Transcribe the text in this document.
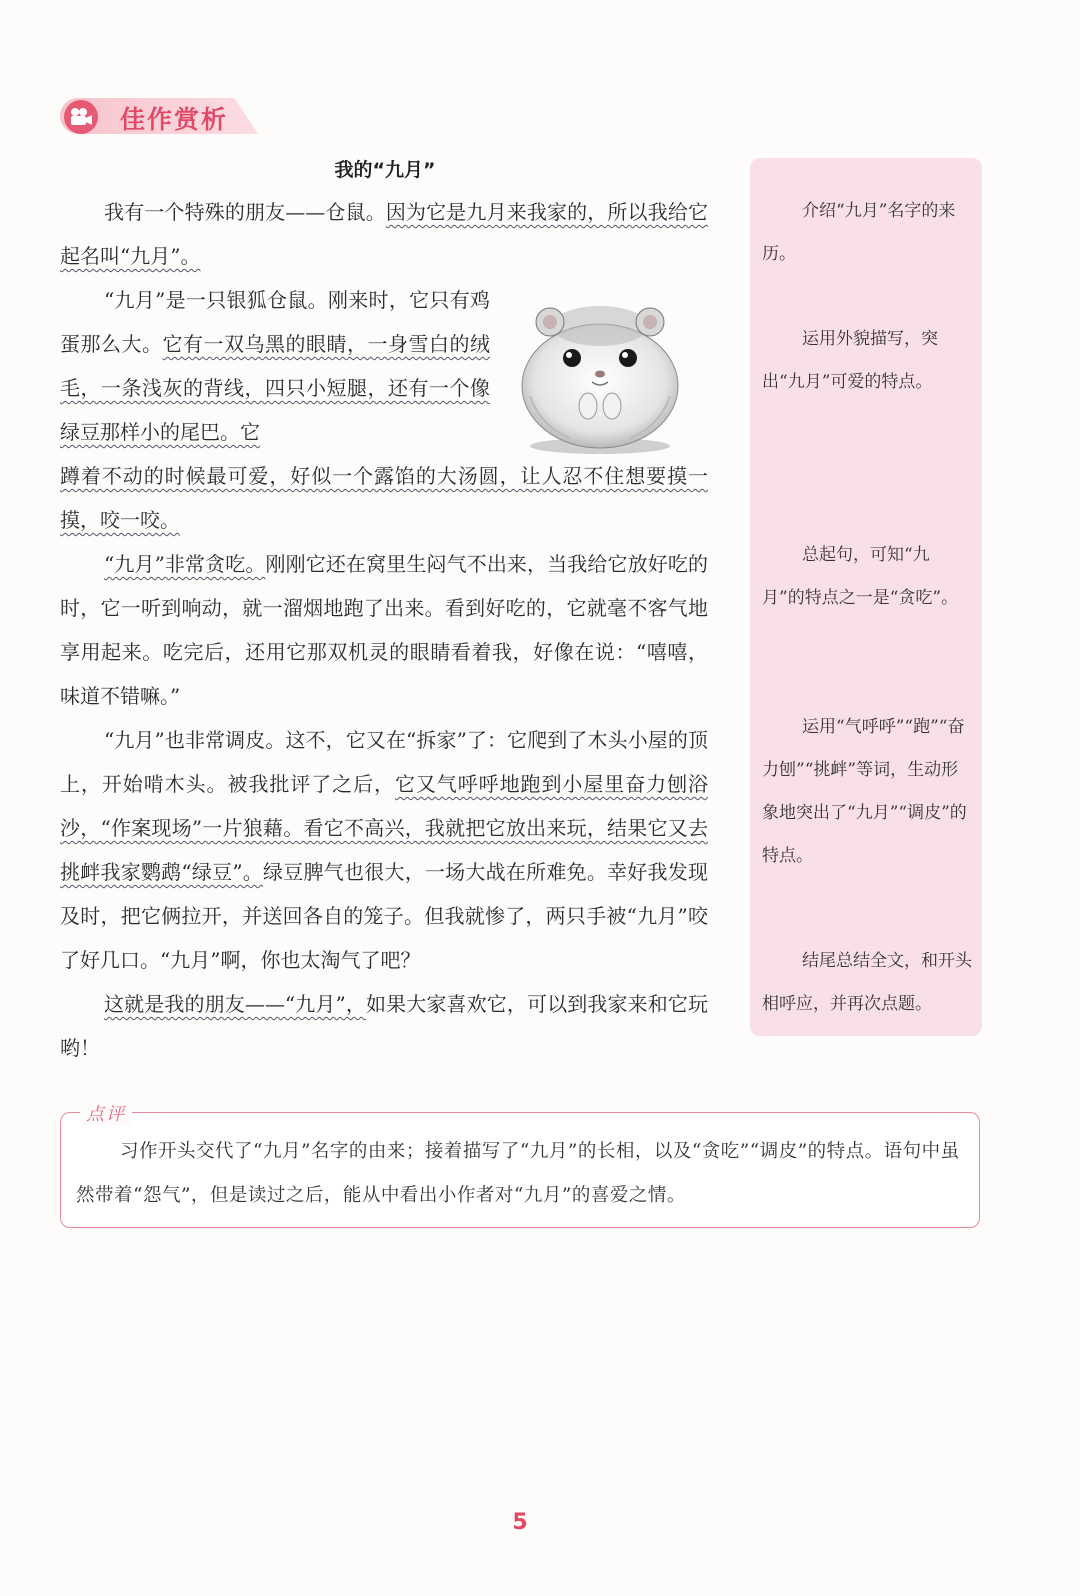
佳作赏析
我的“九月”

我有一个特殊的朋友——仓鼠。因为它是九月来我家的，所以我给它起名叫“九月”。

“九月”是一只银狐仓鼠。刚来时，它只有鸡蛋那么大。它有一双乌黑的眼睛，一身雪白的绒毛，一条浅灰的背线，四只小短腿，还有一个像绿豆那样小的尾巴。它

蹲着不动的时候最可爱，好似一个露馅的大汤圆，让人忍不住想要摸一摸，咬一咬。

“九月”非常贪吃。刚刚它还在窝里生闷气不出来，当我给它放好吃的时，它一听到响动，就一溜烟地跑了出来。看到好吃的，它就毫不客气地享用起来。吃完后，还用它那双机灵的眼睛看着我，好像在说：“嘻嘻，味道不错嘛。”

“九月”也非常调皮。这不，它又在“拆家”了：它爬到了木头小屋的顶上，开始啃木头。被我批评了之后，它又气呼呼地跑到小屋里奋力刨浴沙，“作案现场”一片狼藉。看它不高兴，我就把它放出来玩，结果它又去挑衅我家鹦鹉“绿豆”。绿豆脾气也很大，一场大战在所难免。幸好我发现及时，把它俩拉开，并送回各自的笼子。但我就惨了，两只手被“九月”咬了好几口。“九月”啊，你也太淘气了吧？

这就是我的朋友——“九月”，如果大家喜欢它，可以到我家来和它玩哟！

介绍“九月”名字的来历。

运用外貌描写，突出“九月”可爱的特点。

总起句，可知“九月”的特点之一是“贪吃”。

运用“气呼呼”“跑”“奋力刨”“挑衅”等词，生动形象地突出了“九月”“调皮”的特点。

结尾总结全文，和开头相呼应，并再次点题。

点评

习作开头交代了“九月”名字的由来；接着描写了“九月”的长相，以及“贪吃”“调皮”的特点。语句中虽然带着“怨气”，但是读过之后，能从中看出小作者对“九月”的喜爱之情。

5
